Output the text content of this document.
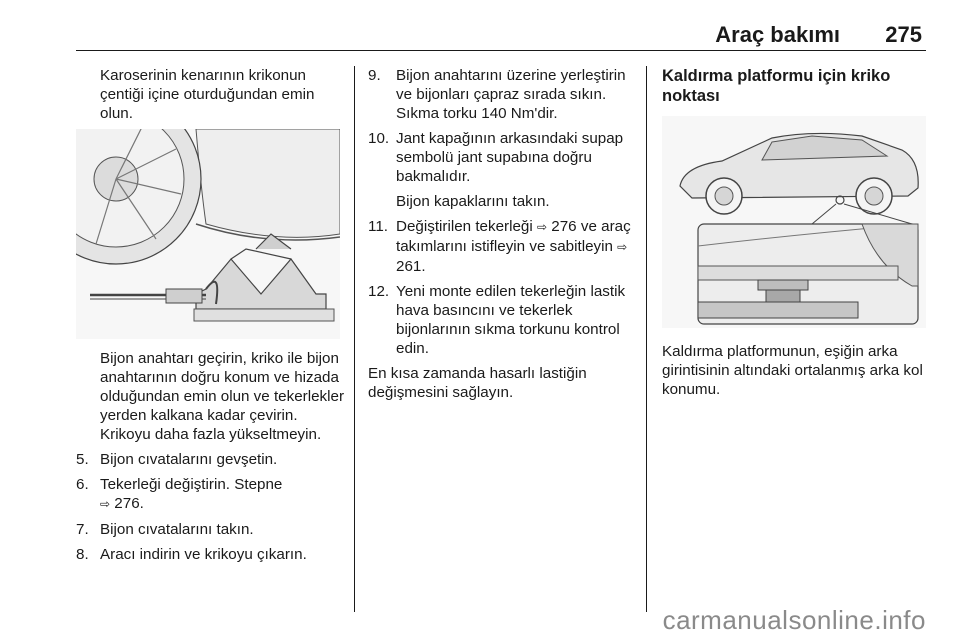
Araç bakımı 275

Karoserinin kenarının krikonun çentiği içine oturduğundan emin olun.

Bijon anahtarı geçirin, kriko ile bijon anahtarının doğru konum ve hizada olduğundan emin olun ve tekerlekler yerden kalkana kadar çevirin. Krikoyu daha fazla yükseltmeyin.

5. Bijon cıvatalarını gevşetin.
6. Tekerleği değiştirin. Stepne
⇨ 276.
7. Bijon cıvatalarını takın.
8. Aracı indirin ve krikoyu çıkarın.
9.	Bijon anahtarını üzerine yerleştirin ve bijonları çapraz sırada sıkın. Sıkma torku 140 Nm'dir.
10. Jant kapağının arkasındaki supap sembolü jant supabına doğru bakmalıdır.
Bijon kapaklarını takın.
11. Değiştirilen tekerleği ⇨ 276 ve araç takımlarını istifleyin ve sabitleyin ⇨ 261.
12. Yeni monte edilen tekerleğin lastik hava basıncını ve tekerlek bijonlarının sıkma torkunu kontrol edin.

En kısa zamanda hasarlı lastiğin değişmesini sağlayın.

Kaldırma platformu için kriko noktası

Kaldırma platformunun, eşiğin arka girintisinin altındaki ortalanmış arka kol konumu.

carmanualsonline.info
